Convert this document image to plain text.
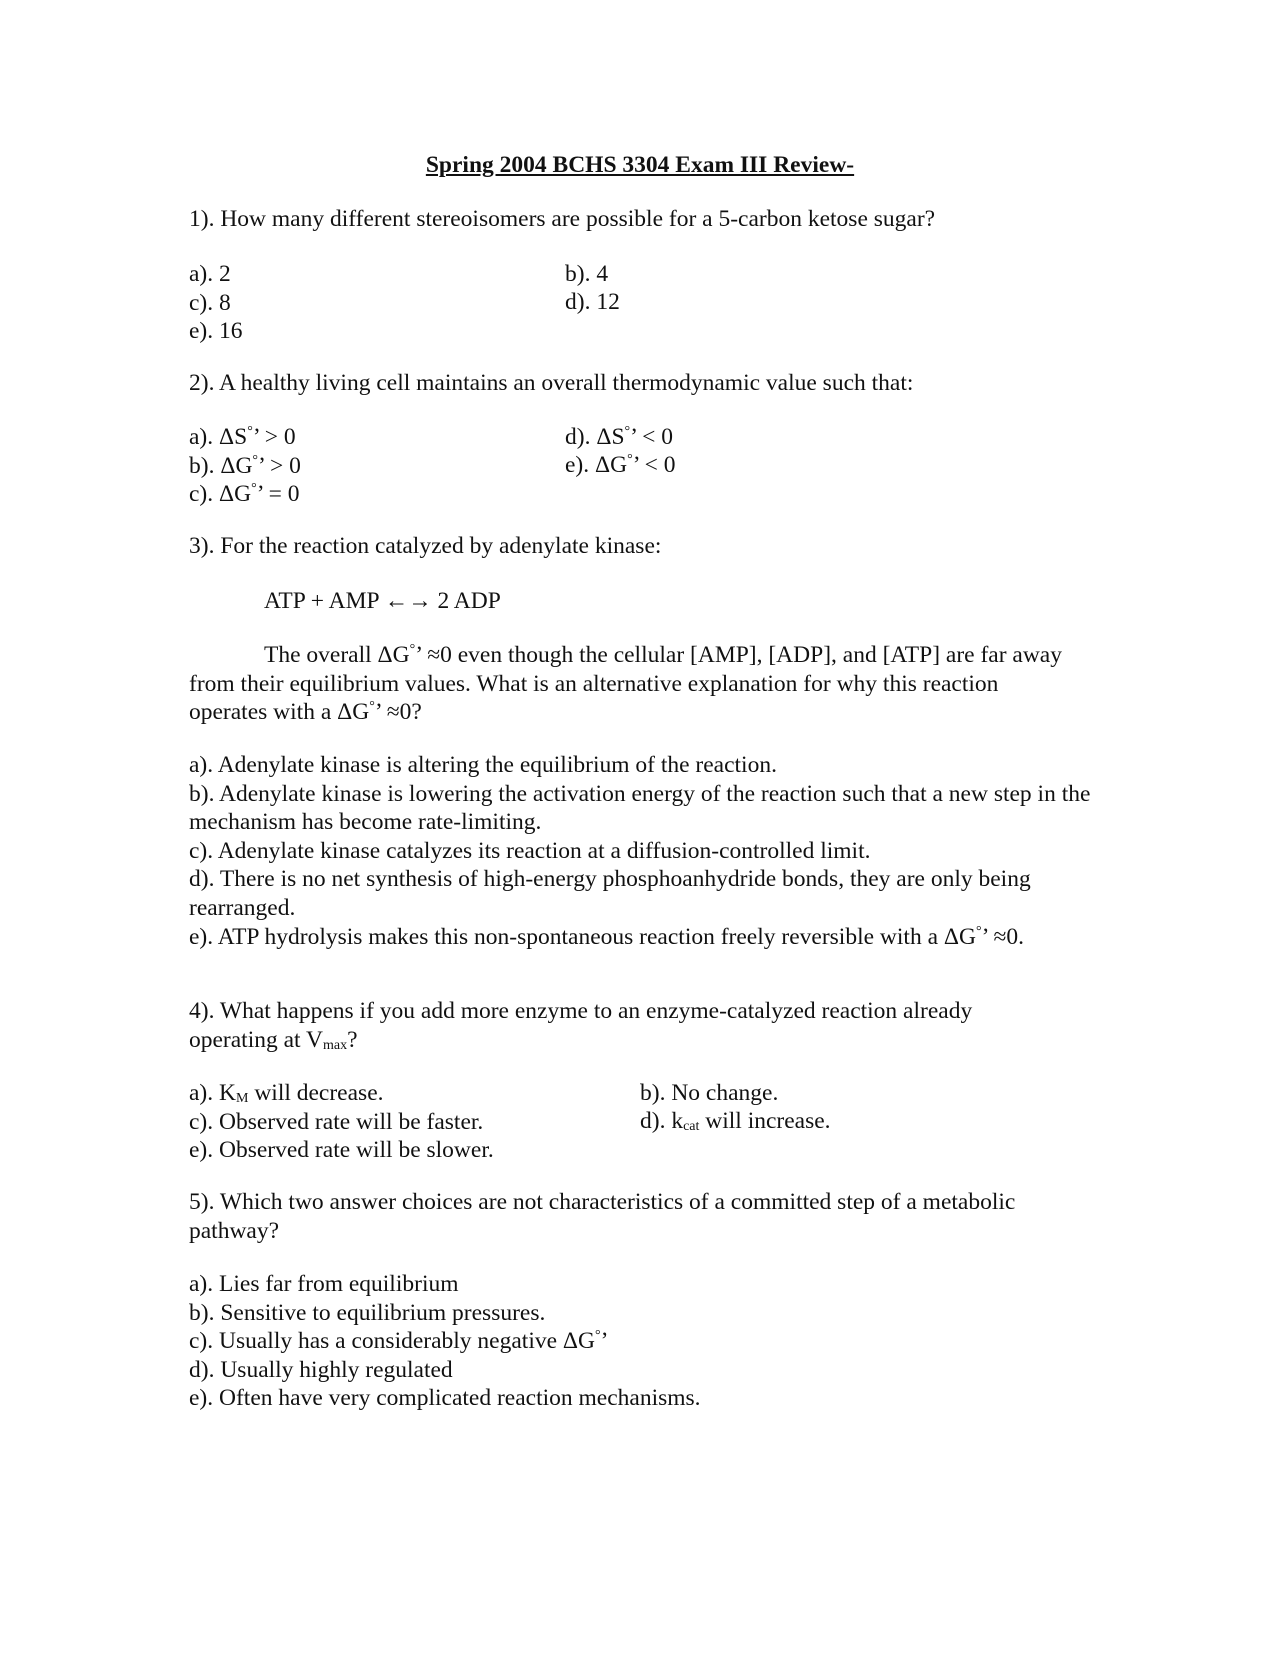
Spring 2004 BCHS 3304 Exam III Review-
1). How many different stereoisomers are possible for a 5-carbon ketose sugar?
a). 2
c). 8
e). 16
b). 4
d). 12
2). A healthy living cell maintains an overall thermodynamic value such that:
a). ΔS°’ > 0
b). ΔG°’ > 0
c). ΔG°’ = 0
d). ΔS°’ < 0
e). ΔG°’ < 0
3). For the reaction catalyzed by adenylate kinase:
ATP + AMP ←→ 2 ADP
The overall ΔG°’ ≈0 even though the cellular [AMP], [ADP], and [ATP] are far away from their equilibrium values. What is an alternative explanation for why this reaction operates with a ΔG°’ ≈0?
a). Adenylate kinase is altering the equilibrium of the reaction.
b). Adenylate kinase is lowering the activation energy of the reaction such that a new step in the mechanism has become rate-limiting.
c). Adenylate kinase catalyzes its reaction at a diffusion-controlled limit.
d). There is no net synthesis of high-energy phosphoanhydride bonds, they are only being rearranged.
e). ATP hydrolysis makes this non-spontaneous reaction freely reversible with a ΔG°’ ≈0.
4). What happens if you add more enzyme to an enzyme-catalyzed reaction already operating at $V_{max}$?
a). $K_M$ will decrease.
c). Observed rate will be faster.
e). Observed rate will be slower.
b). No change.
d). $k_{cat}$ will increase.
5). Which two answer choices are not characteristics of a committed step of a metabolic pathway?
a). Lies far from equilibrium
b). Sensitive to equilibrium pressures.
c). Usually has a considerably negative ΔG°’
d). Usually highly regulated
e). Often have very complicated reaction mechanisms.
